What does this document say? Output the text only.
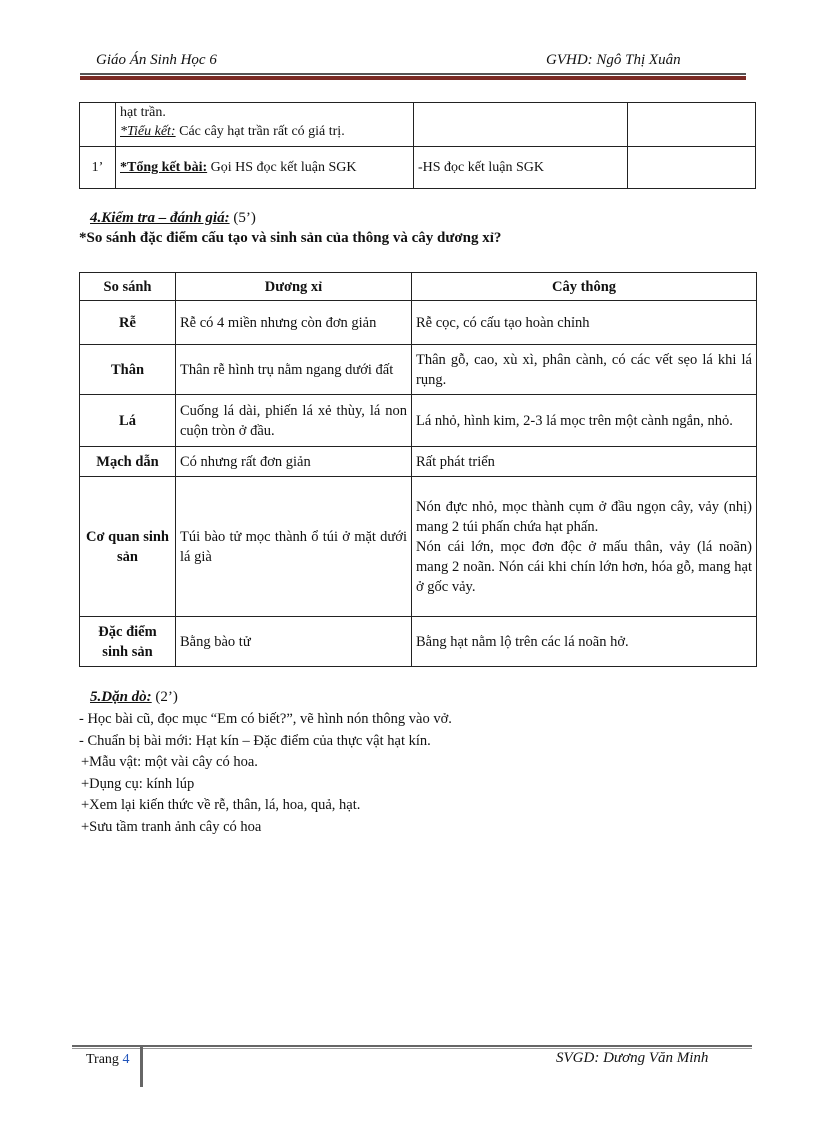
Giáo Án Sinh Học 6	GVHD: Ngô Thị Xuân

	hạt trần.
*Tiểu kết: Các cây hạt trần rất có giá trị.		

1’	*Tổng kết bài: Gọi HS đọc kết luận SGK	-HS đọc kết luận SGK	
4.Kiểm tra – đánh giá: (5’)
*So sánh đặc điểm cấu tạo và sinh sản của thông và cây dương xỉ?
So sánh	Dương xỉ	Cây thông
Rễ	Rễ có 4 miền nhưng còn đơn giản	Rễ cọc, có cấu tạo hoàn chỉnh
Thân	Thân rễ hình trụ nằm ngang dưới đất	Thân gỗ, cao, xù xì, phân cành, có các vết sẹo lá khi lá rụng.
Lá	Cuống lá dài, phiến lá xẻ thùy, lá non cuộn tròn ở đầu.	Lá nhỏ, hình kim, 2-3 lá mọc trên một cành ngắn, nhỏ.
Mạch dẫn	Có nhưng rất đơn giản	Rất phát triển
Cơ quan sinh sản	Túi bào tử mọc thành ổ túi ở mặt dưới lá già	Nón đực nhỏ, mọc thành cụm ở đầu ngọn cây, vảy (nhị) mang 2 túi phấn chứa hạt phấn.
Nón cái lớn, mọc đơn độc ở mấu thân, vảy (lá noãn) mang 2 noãn. Nón cái khi chín lớn hơn, hóa gỗ, mang hạt ở gốc vảy.

Đặc điểm sinh sản	Bằng bào tử	Bằng hạt nằm lộ trên các lá noãn hở.
5.Dặn dò: (2’)
- Học bài cũ, đọc mục “Em có biết?”, vẽ hình nón thông vào vở.
- Chuẩn bị bài mới: Hạt kín – Đặc điểm của thực vật hạt kín.
+Mẫu vật: một vài cây có hoa.
+Dụng cụ: kính lúp
+Xem lại kiến thức về rễ, thân, lá, hoa, quả, hạt.
+Sưu tầm tranh ảnh cây có hoa
Trang 4	SVGD: Dương Văn Minh
